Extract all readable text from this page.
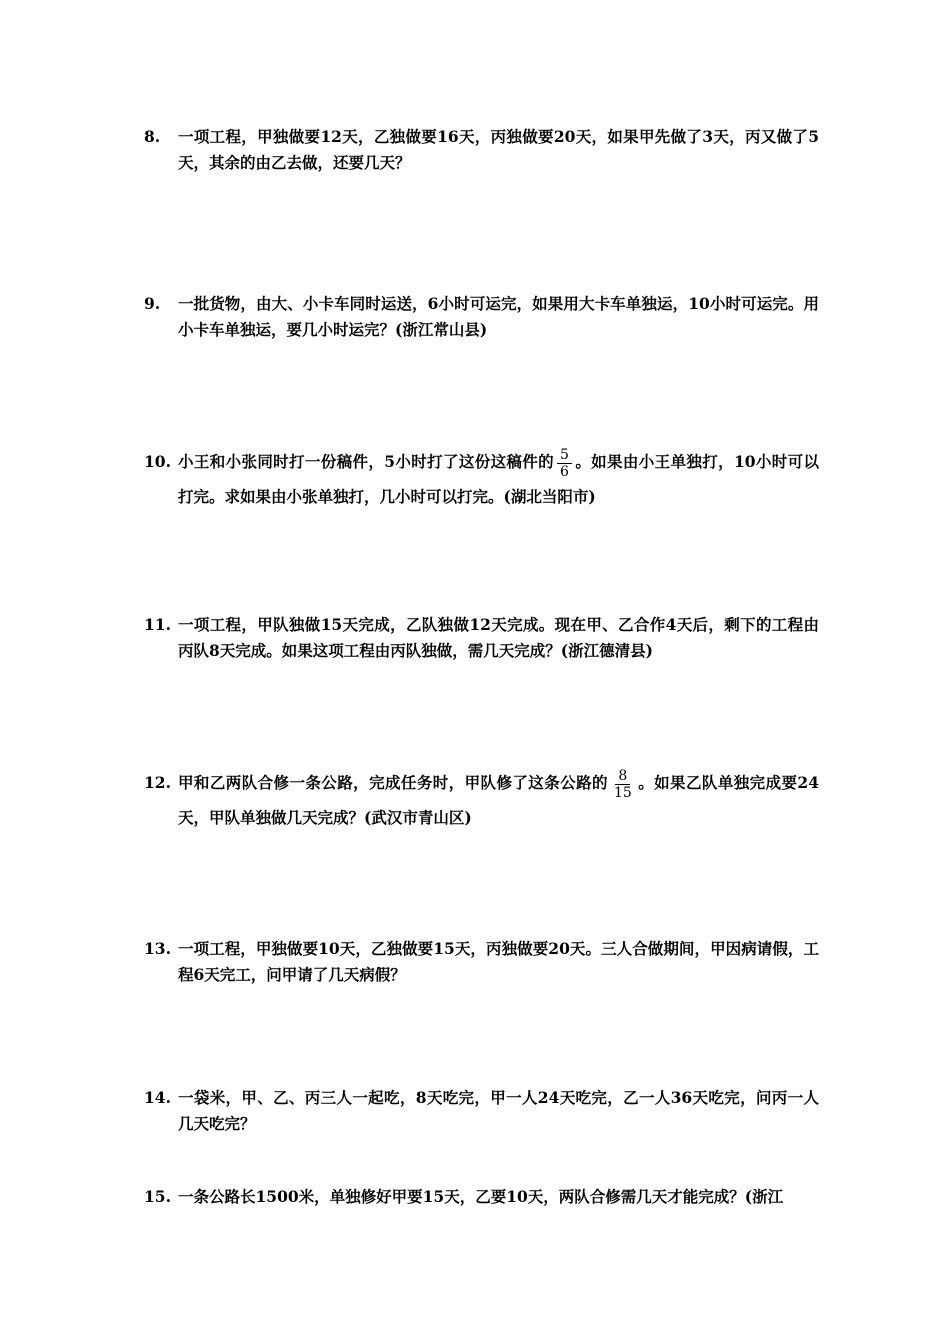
8.	一项工程，甲独做要12天，乙独做要16天，丙独做要20天，如果甲先做了3天，丙又做了5天，其余的由乙去做，还要几天？
9.	一批货物，由大、小卡车同时运送，6小时可运完，如果用大卡车单独运，10小时可运完。用小卡车单独运，要几小时运完？(浙江常山县)
10. 小王和小张同时打一份稿件，5小时打了这份这稿件的 $\frac{5}{6}$ 。如果由小王单独打，10小时可以打完。求如果由小张单独打，几小时可以打完。(湖北当阳市)
11. 一项工程，甲队独做15天完成，乙队独做12天完成。现在甲、乙合作4天后，剩下的工程由丙队8天完成。如果这项工程由丙队独做，需几天完成？(浙江德清县)
12. 甲和乙两队合修一条公路，完成任务时，甲队修了这条公路的 $\frac{8}{15}$ 。如果乙队单独完成要24天，甲队单独做几天完成？(武汉市青山区)
13. 一项工程，甲独做要10天，乙独做要15天，丙独做要20天。三人合做期间，甲因病请假，工程6天完工，问甲请了几天病假？
14. 一袋米，甲、乙、丙三人一起吃，8天吃完，甲一人24天吃完，乙一人36天吃完，问丙一人几天吃完？
15. 一条公路长1500米，单独修好甲要15天，乙要10天，两队合修需几天才能完成？(浙江
